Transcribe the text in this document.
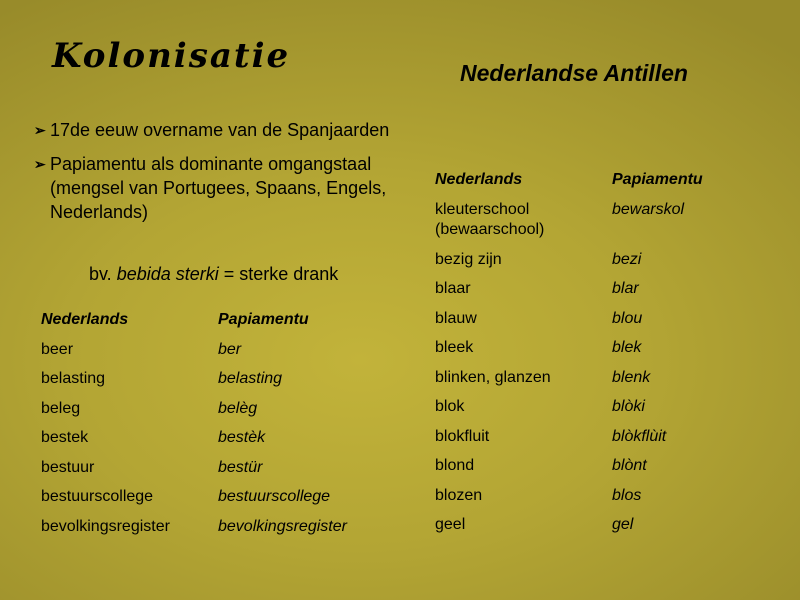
Kolonisatie	Nederlandse Antillen
➢ 17de eeuw overname van de Spanjaarden
➢ Papiamentu als dominante omgangstaal (mengsel van Portugees, Spaans, Engels, Nederlands)
bv. bebida sterki = sterke drank
Nederlands	Papiamentu
beer	ber
belasting	belasting
beleg	belèg
bestek	bestèk
bestuur	bestür
bestuurscollege	bestuurscollege
bevolkingsregister	bevolkingsregister
Nederlands	Papiamentu
kleuterschool (bewaarschool)	bewarskol
bezig zijn	bezi
blaar	blar
blauw	blou
bleek	blek
blinken, glanzen	blenk
blok	blòki
blokfluit	blòkflùit
blond	blònt
blozen	blos
geel	gel
